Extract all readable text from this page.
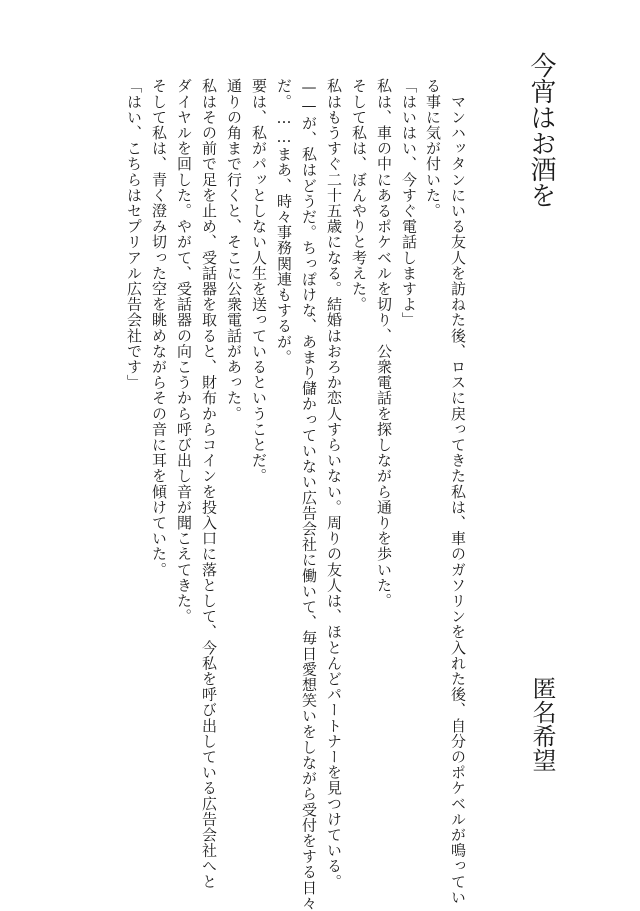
今宵はお酒を
匿名希望
　マンハッタンにいる友人を訪ねた後、ロスに戻ってきた私は、車のガソリンを入れた後、自分のポケベルが鳴ってい
る事に気が付いた。
「はいはい、今すぐ電話しますよ」
私は、車の中にあるポケベルを切り、公衆電話を探しながら通りを歩いた。
そして私は、ぼんやりと考えた。
私はもうすぐ二十五歳になる。結婚はおろか恋人すらいない。周りの友人は、ほとんどパートナーを見つけている。
——が、私はどうだ。ちっぽけな、あまり儲かっていない広告会社に働いて、毎日愛想笑いをしながら受付をする日々
だ。……まあ、時々事務関連もするが。
要は、私がパッとしない人生を送っているということだ。
通りの角まで行くと、そこに公衆電話があった。
私はその前で足を止め、受話器を取ると、財布からコインを投入口に落として、今私を呼び出している広告会社へと
ダイヤルを回した。やがて、受話器の向こうから呼び出し音が聞こえてきた。
そして私は、青く澄み切った空を眺めながらその音に耳を傾けていた。
「はい、こちらはセプリアル広告会社です」
